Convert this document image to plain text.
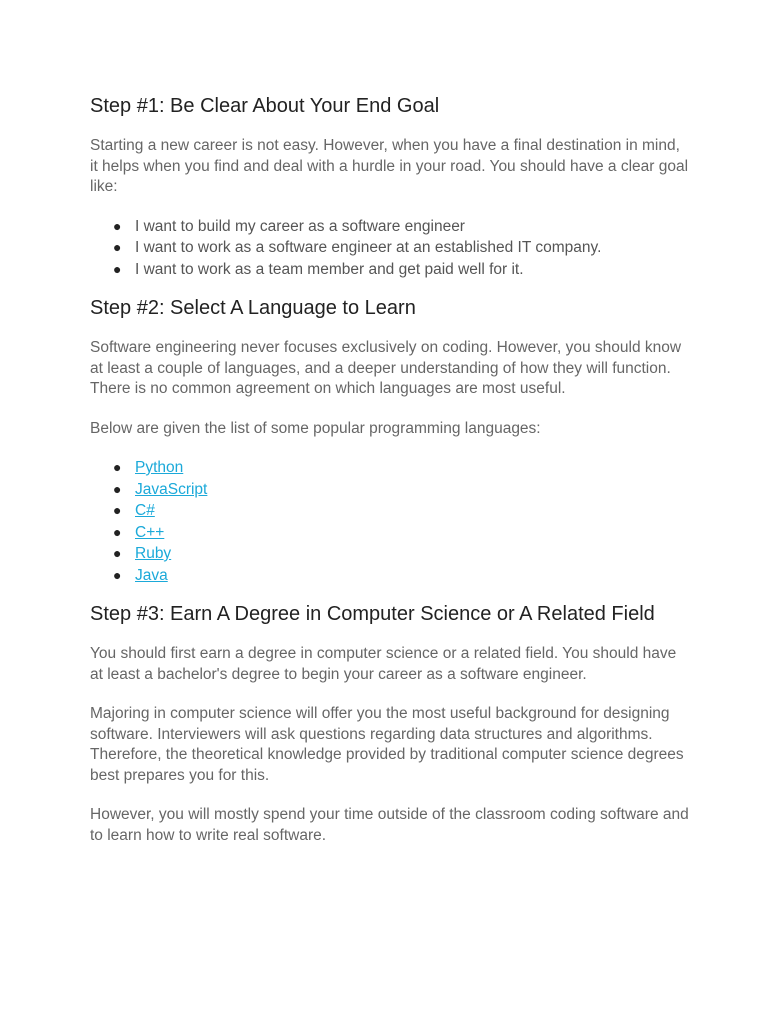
Step #1: Be Clear About Your End Goal

Starting a new career is not easy. However, when you have a final destination in mind, it helps when you find and deal with a hurdle in your road. You should have a clear goal like:

● I want to build my career as a software engineer
● I want to work as a software engineer at an established IT company.
● I want to work as a team member and get paid well for it.
Step #2: Select A Language to Learn

Software engineering never focuses exclusively on coding. However, you should know at least a couple of languages, and a deeper understanding of how they will function. There is no common agreement on which languages are most useful.

Below are given the list of some popular programming languages:

● Python
● JavaScript
● C#
● C++
● Ruby
● Java
Step #3: Earn A Degree in Computer Science or A Related Field

You should first earn a degree in computer science or a related field. You should have at least a bachelor's degree to begin your career as a software engineer.

Majoring in computer science will offer you the most useful background for designing software. Interviewers will ask questions regarding data structures and algorithms. Therefore, the theoretical knowledge provided by traditional computer science degrees best prepares you for this.

However, you will mostly spend your time outside of the classroom coding software and to learn how to write real software.
